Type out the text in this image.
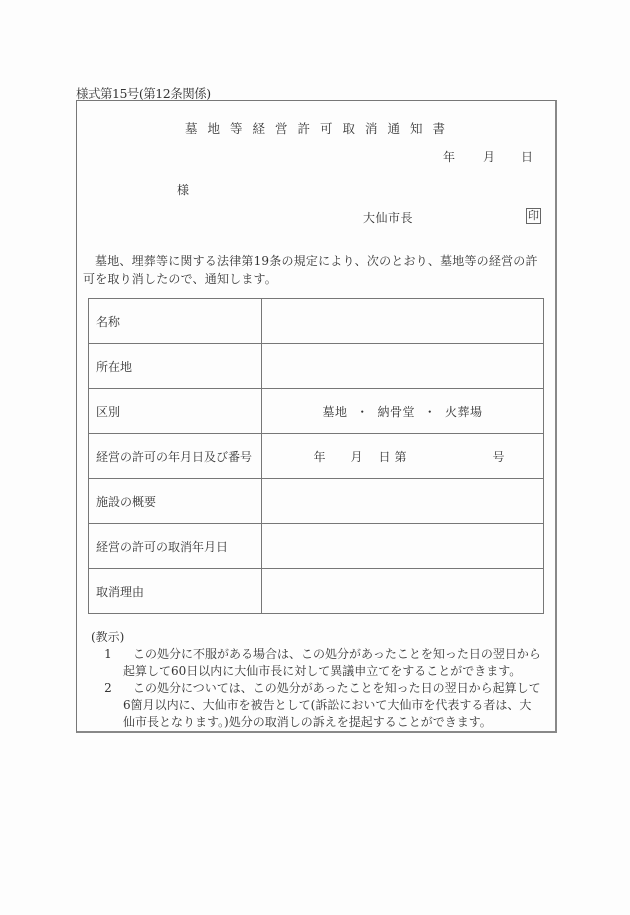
様式第15号(第12条関係)
墓地等経営許可取消通知書
年 月 日
様
大仙市長	印
墓地、埋葬等に関する法律第19条の規定により、次のとおり、墓地等の経営の許可を取り消したので、通知します。
名称	
所在地	
区別	墓地 ・ 納骨堂 ・ 火葬場
経営の許可の年月日及び番号	年 月 日 第 号
施設の概要	
経営の許可の取消年月日	
取消理由	
(教示)
1	この処分に不服がある場合は、この処分があったことを知った日の翌日から起算して60日以内に大仙市長に対して異議申立てをすることができます。
2	この処分については、この処分があったことを知った日の翌日から起算して6箇月以内に、大仙市を被告として(訴訟において大仙市を代表する者は、大仙市長となります。)処分の取消しの訴えを提起することができます。
